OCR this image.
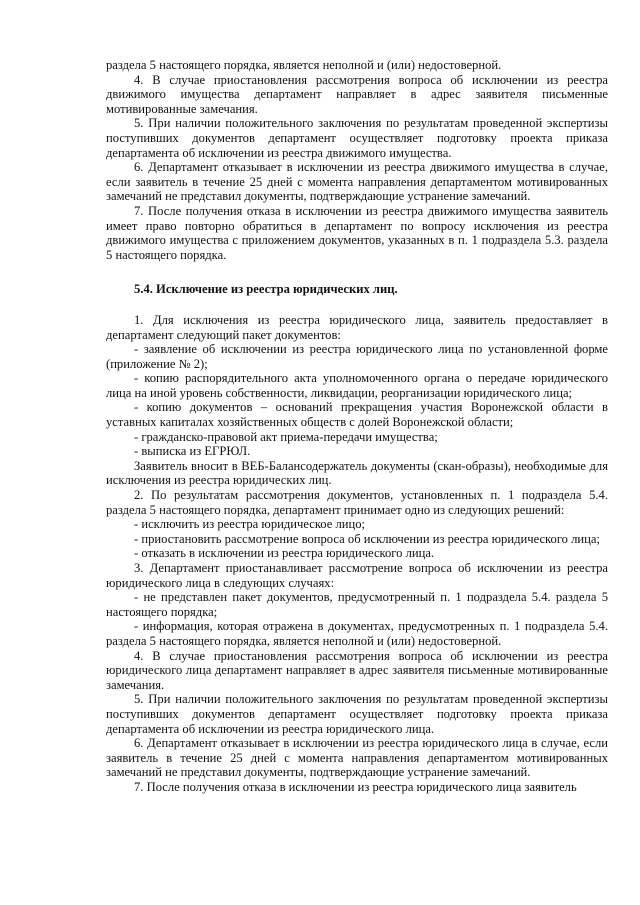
раздела 5 настоящего порядка, является неполной и (или) недостоверной.

4. В случае приостановления рассмотрения вопроса об исключении из реестра движимого имущества департамент направляет в адрес заявителя письменные мотивированные замечания.

5. При наличии положительного заключения по результатам проведенной экспертизы поступивших документов департамент осуществляет подготовку проекта приказа департамента об исключении из реестра движимого имущества.

6. Департамент отказывает в исключении из реестра движимого имущества в случае, если заявитель в течение 25 дней с момента направления департаментом мотивированных замечаний не представил документы, подтверждающие устранение замечаний.

7. После получения отказа в исключении из реестра движимого имущества заявитель имеет право повторно обратиться в департамент по вопросу исключения из реестра движимого имущества с приложением документов, указанных в п. 1 подраздела 5.3. раздела 5 настоящего порядка.

5.4. Исключение из реестра юридических лиц.

1. Для исключения из реестра юридического лица, заявитель предоставляет в департамент следующий пакет документов:

- заявление об исключении из реестра юридического лица по установленной форме (приложение № 2);

- копию распорядительного акта уполномоченного органа о передаче юридического лица на иной уровень собственности, ликвидации, реорганизации юридического лица;

- копию документов – оснований прекращения участия Воронежской области в уставных капиталах хозяйственных обществ с долей Воронежской области;

- гражданско-правовой акт приема-передачи имущества;

- выписка из ЕГРЮЛ.

Заявитель вносит в ВЕБ-Балансодержатель документы (скан-образы), необходимые для исключения из реестра юридических лиц.

2. По результатам рассмотрения документов, установленных п. 1 подраздела 5.4. раздела 5 настоящего порядка, департамент принимает одно из следующих решений:

- исключить из реестра юридическое лицо;

- приостановить рассмотрение вопроса об исключении из реестра юридического лица;

- отказать в исключении из реестра юридического лица.

3. Департамент приостанавливает рассмотрение вопроса об исключении из реестра юридического лица в следующих случаях:

- не представлен пакет документов, предусмотренный п. 1 подраздела 5.4. раздела 5 настоящего порядка;

- информация, которая отражена в документах, предусмотренных п. 1 подраздела 5.4. раздела 5 настоящего порядка, является неполной и (или) недостоверной.

4. В случае приостановления рассмотрения вопроса об исключении из реестра юридического лица департамент направляет в адрес заявителя письменные мотивированные замечания.

5. При наличии положительного заключения по результатам проведенной экспертизы поступивших документов департамент осуществляет подготовку проекта приказа департамента об исключении из реестра юридического лица.

6. Департамент отказывает в исключении из реестра юридического лица в случае, если заявитель в течение 25 дней с момента направления департаментом мотивированных замечаний не представил документы, подтверждающие устранение замечаний.

7. После получения отказа в исключении из реестра юридического лица заявитель
